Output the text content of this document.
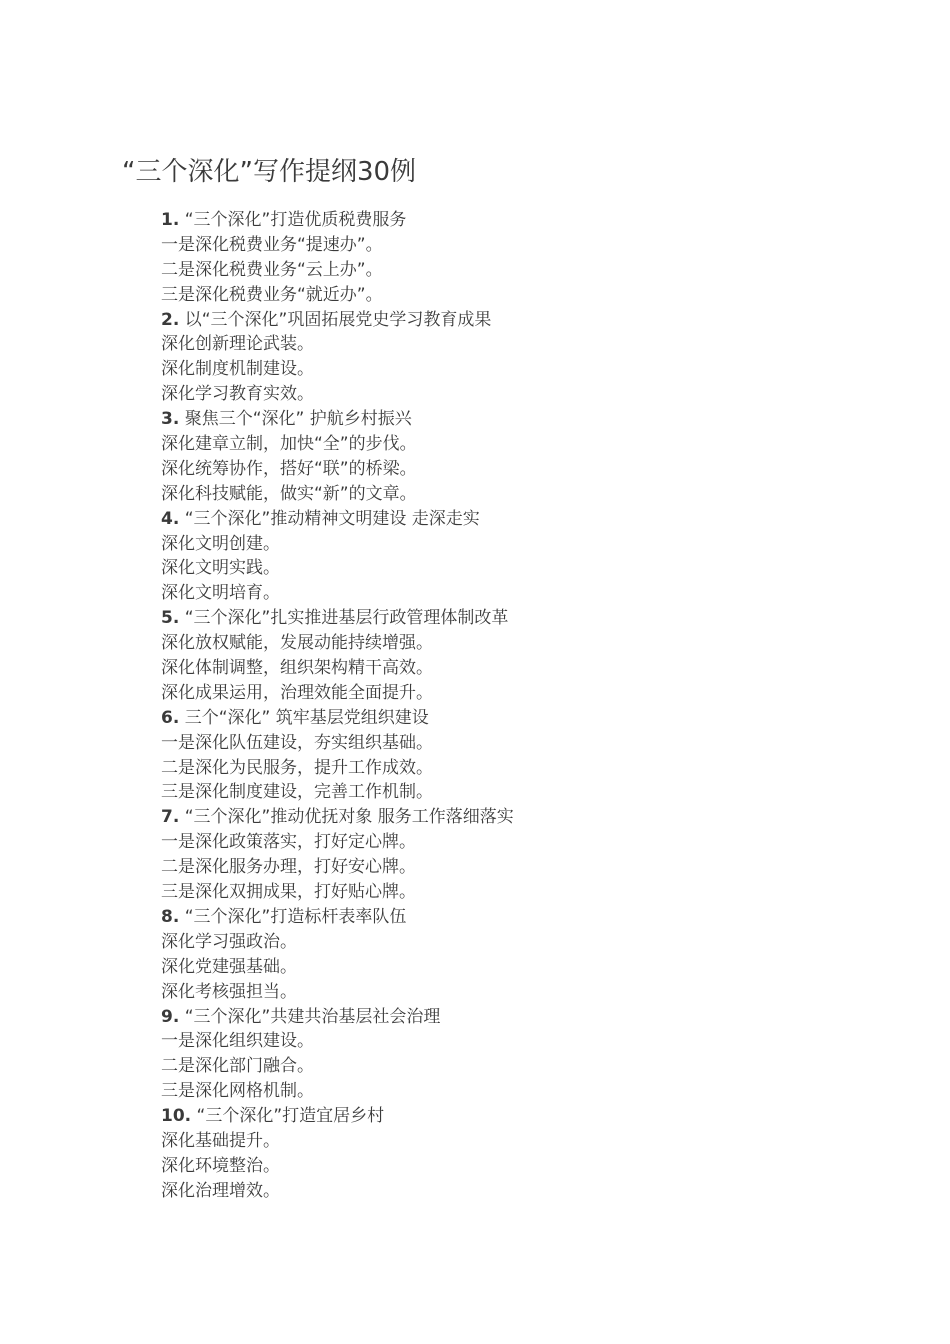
“三个深化”写作提纲30例
1. “三个深化”打造优质税费服务
一是深化税费业务“提速办”。
二是深化税费业务“云上办”。
三是深化税费业务“就近办”。
2. 以“三个深化”巩固拓展党史学习教育成果
深化创新理论武装。
深化制度机制建设。
深化学习教育实效。
3. 聚焦三个“深化” 护航乡村振兴
深化建章立制，加快“全”的步伐。
深化统筹协作，搭好“联”的桥梁。
深化科技赋能，做实“新”的文章。
4. “三个深化”推动精神文明建设 走深走实
深化文明创建。
深化文明实践。
深化文明培育。
5. “三个深化”扎实推进基层行政管理体制改革
深化放权赋能，发展动能持续增强。
深化体制调整，组织架构精干高效。
深化成果运用，治理效能全面提升。
6. 三个“深化” 筑牢基层党组织建设
一是深化队伍建设，夯实组织基础。
二是深化为民服务，提升工作成效。
三是深化制度建设，完善工作机制。
7. “三个深化”推动优抚对象 服务工作落细落实
一是深化政策落实，打好定心牌。
二是深化服务办理，打好安心牌。
三是深化双拥成果，打好贴心牌。
8. “三个深化”打造标杆表率队伍
深化学习强政治。
深化党建强基础。
深化考核强担当。
9. “三个深化”共建共治基层社会治理
一是深化组织建设。
二是深化部门融合。
三是深化网格机制。
10. “三个深化”打造宜居乡村
深化基础提升。
深化环境整治。
深化治理增效。
